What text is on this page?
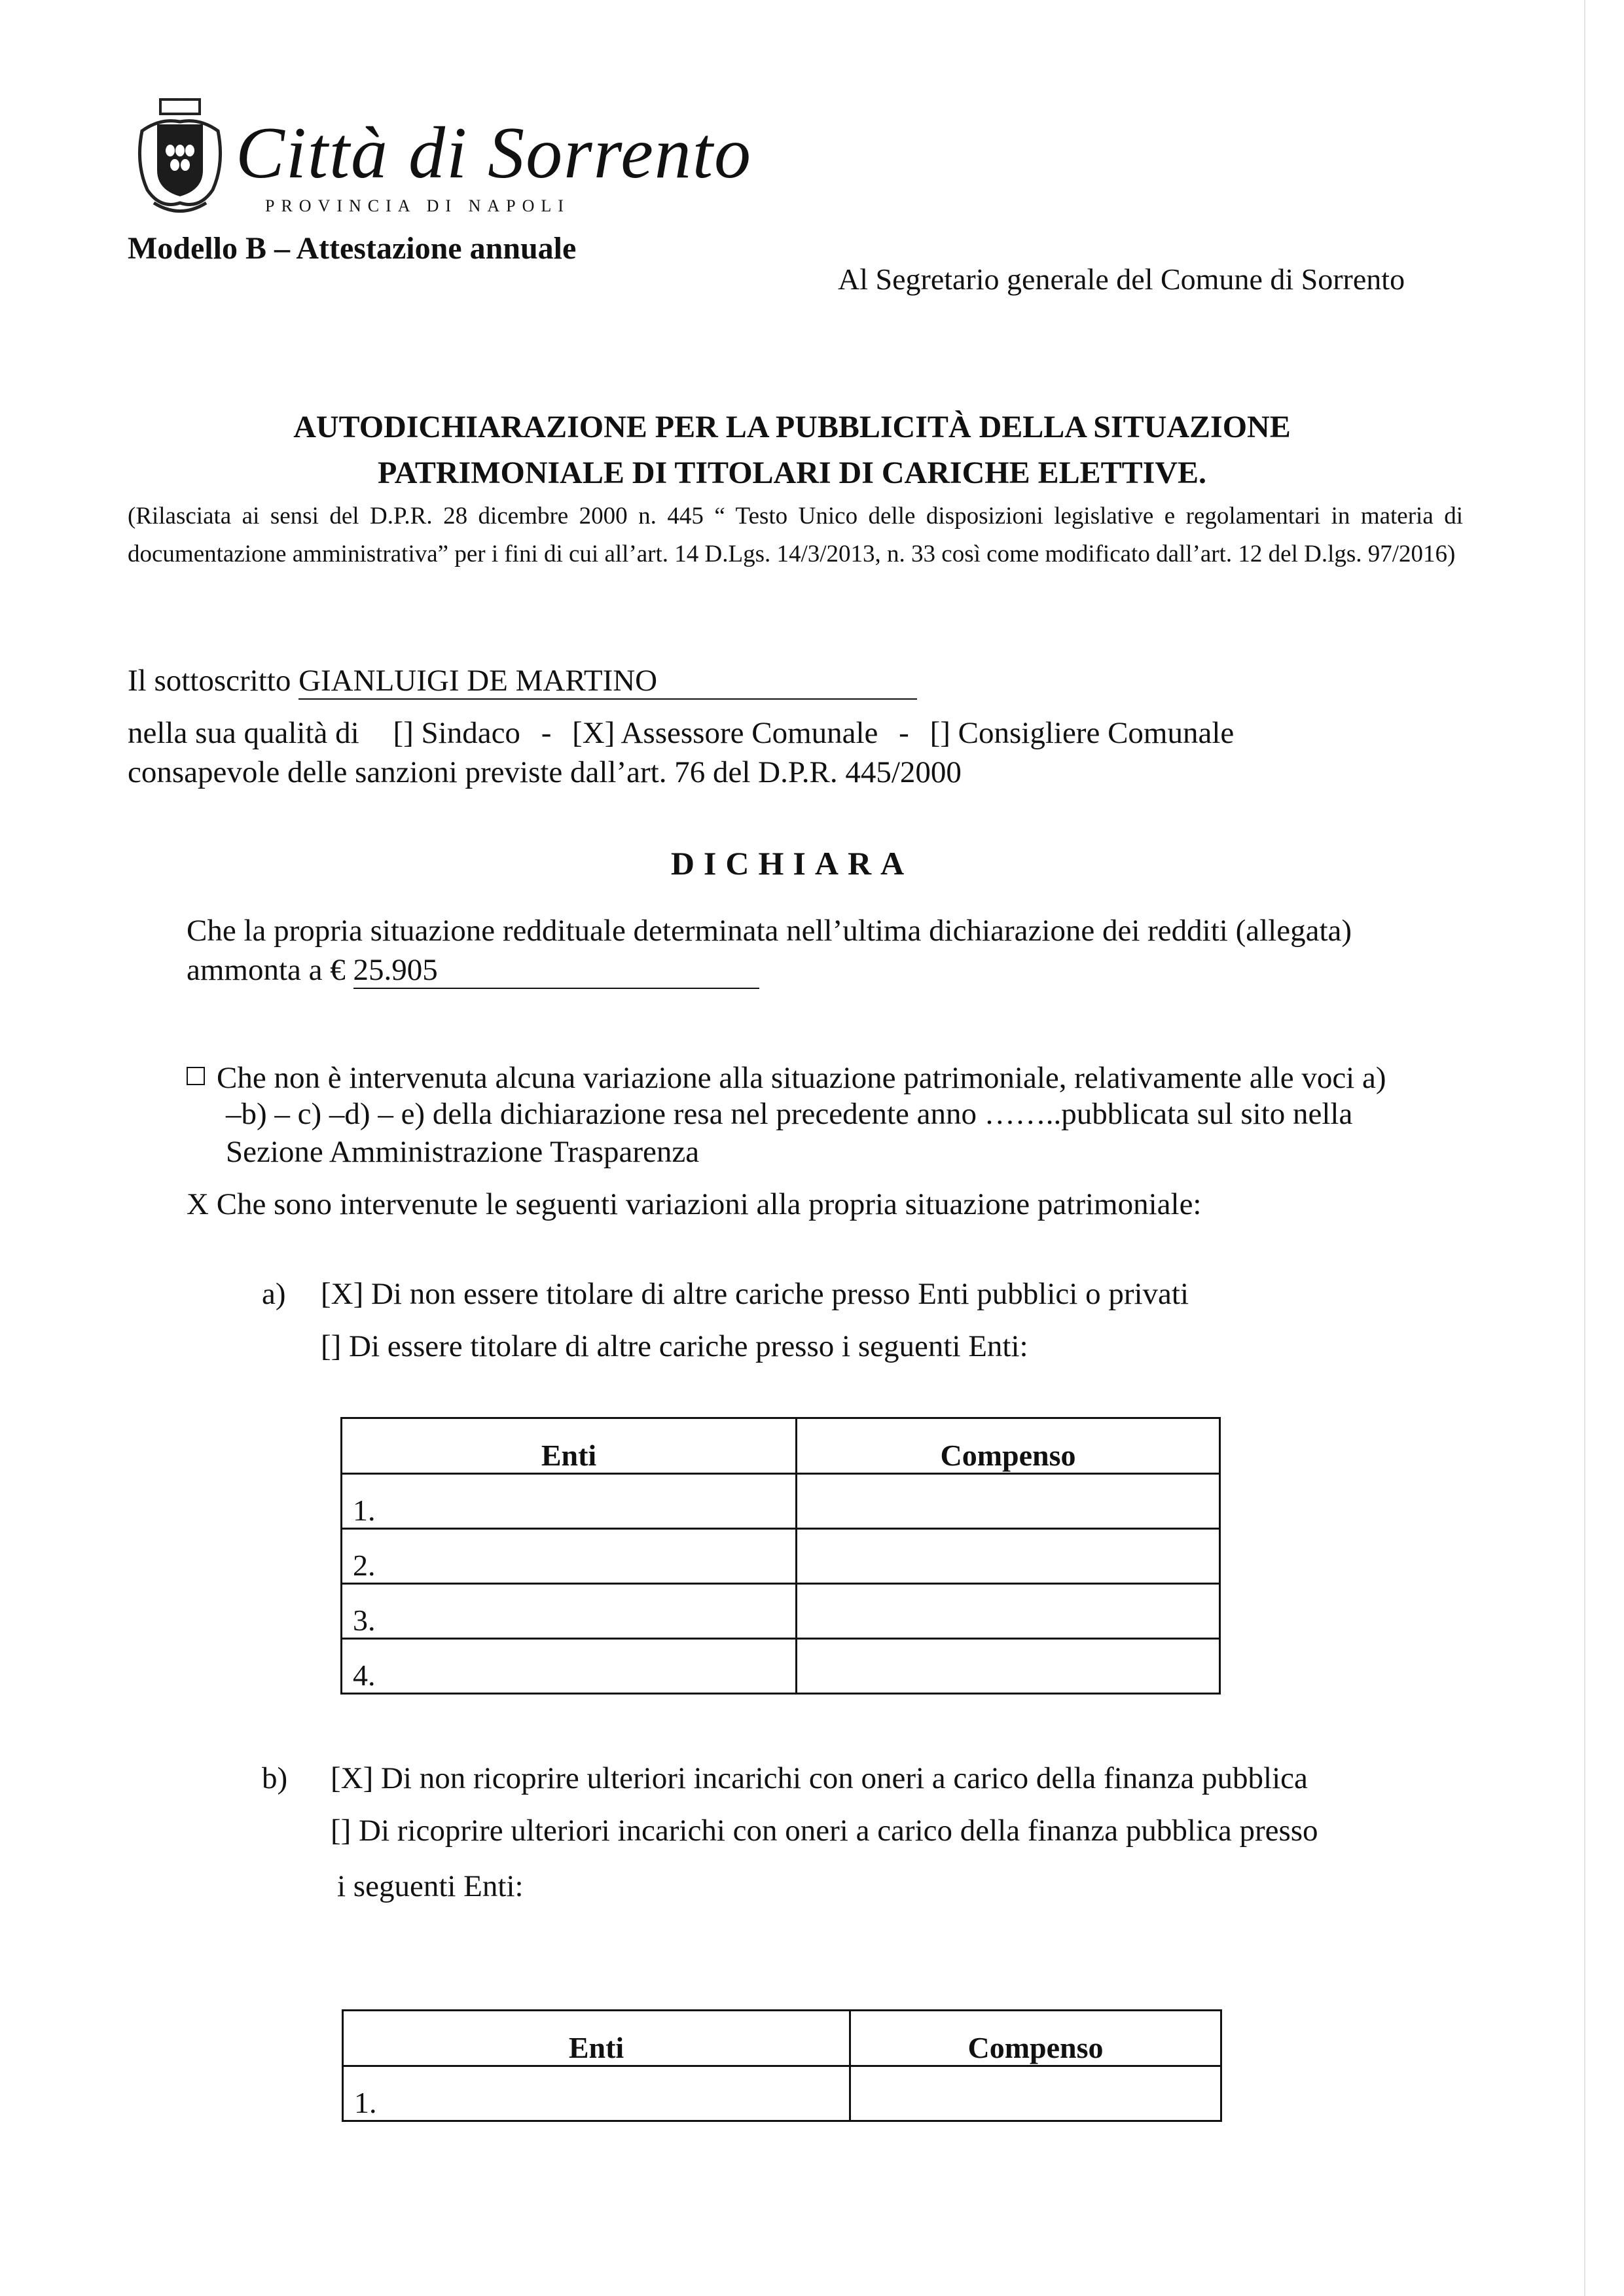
Città di Sorrento
PROVINCIA DI NAPOLI
Modello B – Attestazione annuale
Al Segretario generale del Comune di Sorrento
AUTODICHIARAZIONE PER LA PUBBLICITÀ DELLA SITUAZIONE
PATRIMONIALE DI TITOLARI DI CARICHE ELETTIVE.
(Rilasciata ai sensi del D.P.R. 28 dicembre 2000 n. 445 “ Testo Unico delle disposizioni legislative e regolamentari in materia di documentazione amministrativa” per i fini di cui all’art. 14 D.Lgs. 14/3/2013, n. 33 così come modificato dall’art. 12 del D.lgs. 97/2016)
Il sottoscritto GIANLUIGI DE MARTINO
nella sua qualità di [] Sindaco - [X] Assessore Comunale - [] Consigliere Comunale
consapevole delle sanzioni previste dall’art. 76 del D.P.R. 445/2000
DICHIARA
Che la propria situazione reddituale determinata nell’ultima dichiarazione dei redditi (allegata)
ammonta a € 25.905
Che non è intervenuta alcuna variazione alla situazione patrimoniale, relativamente alle voci a)
–b) – c) –d) – e) della dichiarazione resa nel precedente anno ……..pubblicata sul sito nella
Sezione Amministrazione Trasparenza
X Che sono intervenute le seguenti variazioni alla propria situazione patrimoniale:
a) [X] Di non essere titolare di altre cariche presso Enti pubblici o privati
[] Di essere titolare di altre cariche presso i seguenti Enti:
Enti	Compenso
1.	
2.	
3.	
4.	
b) [X] Di non ricoprire ulteriori incarichi con oneri a carico della finanza pubblica
[] Di ricoprire ulteriori incarichi con oneri a carico della finanza pubblica presso
i seguenti Enti:
Enti	Compenso
1.	
